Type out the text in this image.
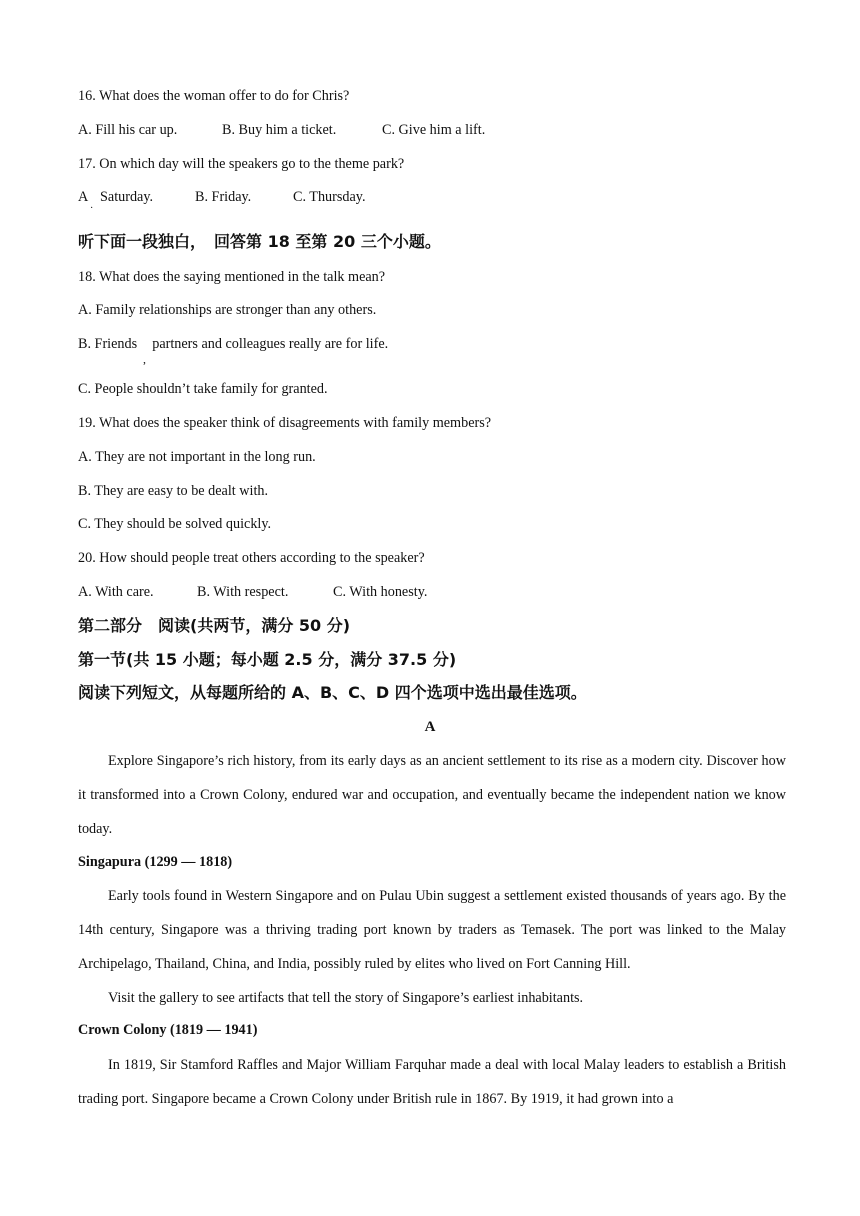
16. What does the woman offer to do for Chris?
A. Fill his car up.	B. Buy him a ticket.	C. Give him a lift.
17. On which day will the speakers go to the theme park?
A Saturday.	B. Friday.	C. Thursday.
·
听下面一段独白，　回答第 18 至第 20 三个小题。
18. What does the saying mentioned in the talk mean?
A. Family relationships are stronger than any others.
B. Friends partners and colleagues really are for life.
,
C. People shouldn’t take family for granted.
19. What does the speaker think of disagreements with family members?
A. They are not important in the long run.
B. They are easy to be dealt with.
C. They should be solved quickly.
20. How should people treat others according to the speaker?
A. With care.	B. With respect.	C. With honesty.
第二部分　阅读(共两节，满分 50 分)
第一节(共 15 小题；每小题 2.5 分，满分 37.5 分)
阅读下列短文，从每题所给的 A、B、C、D 四个选项中选出最佳选项。
A

Explore Singapore’s rich history, from its early days as an ancient settlement to its rise as a modern city. Discover how it transformed into a Crown Colony, endured war and occupation, and eventually became the independent nation we know today.

Singapura (1299 — 1818)

Early tools found in Western Singapore and on Pulau Ubin suggest a settlement existed thousands of years ago. By the 14th century, Singapore was a thriving trading port known by traders as Temasek. The port was linked to the Malay Archipelago, Thailand, China, and India, possibly ruled by elites who lived on Fort Canning Hill.

Visit the gallery to see artifacts that tell the story of Singapore’s earliest inhabitants.

Crown Colony (1819 — 1941)

In 1819, Sir Stamford Raffles and Major William Farquhar made a deal with local Malay leaders to establish a British trading port. Singapore became a Crown Colony under British rule in 1867. By 1919, it had grown into a
